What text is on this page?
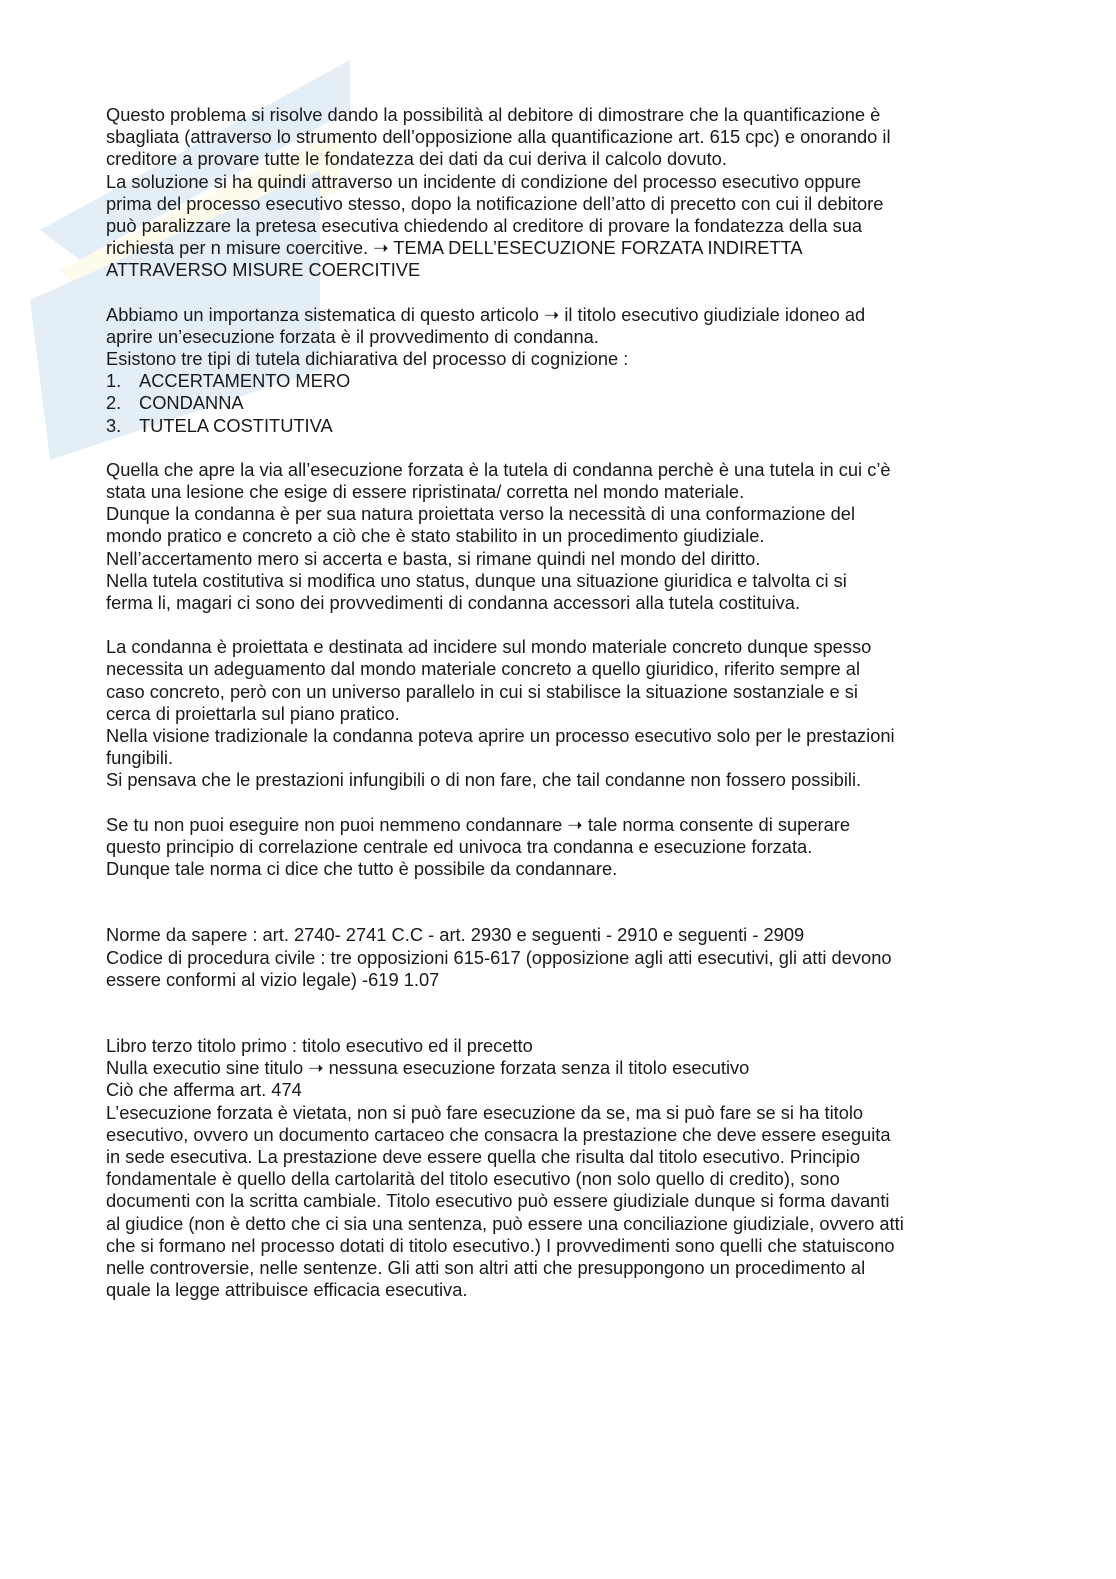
Questo problema si risolve dando la possibilità al debitore di dimostrare che la quantificazione è

sbagliata (attraverso lo strumento dell’opposizione alla quantificazione art. 615 cpc) e onorando il

creditore a provare tutte le fondatezza dei dati da cui deriva il calcolo dovuto.

La soluzione si ha quindi attraverso un incidente di condizione del processo esecutivo oppure

prima del processo esecutivo stesso, dopo la notificazione dell’atto di precetto con cui il debitore

può paralizzare la pretesa esecutiva chiedendo al creditore di provare la fondatezza della sua

richiesta per n misure coercitive. ➝ TEMA DELL’ESECUZIONE FORZATA INDIRETTA

ATTRAVERSO MISURE COERCITIVE

Abbiamo un importanza sistematica di questo articolo ➝ il titolo esecutivo giudiziale idoneo ad

aprire un’esecuzione forzata è il provvedimento di condanna.

Esistono tre tipi di tutela dichiarativa del processo di cognizione :

1. ACCERTAMENTO MERO

2. CONDANNA

3. TUTELA COSTITUTIVA

Quella che apre la via all’esecuzione forzata è la tutela di condanna perchè è una tutela in cui c’è

stata una lesione che esige di essere ripristinata/ corretta nel mondo materiale.

Dunque la condanna è per sua natura proiettata verso la necessità di una conformazione del

mondo pratico e concreto a ciò che è stato stabilito in un procedimento giudiziale.

Nell’accertamento mero si accerta e basta, si rimane quindi nel mondo del diritto.

Nella tutela costitutiva si modifica uno status, dunque una situazione giuridica e talvolta ci si

ferma li, magari ci sono dei provvedimenti di condanna accessori alla tutela costituiva.

La condanna è proiettata e destinata ad incidere sul mondo materiale concreto dunque spesso

necessita un adeguamento dal mondo materiale concreto a quello giuridico, riferito sempre al

caso concreto, però con un universo parallelo in cui si stabilisce la situazione sostanziale e si

cerca di proiettarla sul piano pratico.

Nella visione tradizionale la condanna poteva aprire un processo esecutivo solo per le prestazioni

fungibili.

Si pensava che le prestazioni infungibili o di non fare, che tail condanne non fossero possibili.

Se tu non puoi eseguire non puoi nemmeno condannare ➝ tale norma consente di superare

questo principio di correlazione centrale ed univoca tra condanna e esecuzione forzata.

Dunque tale norma ci dice che tutto è possibile da condannare.

Norme da sapere : art. 2740- 2741 C.C - art. 2930 e seguenti - 2910 e seguenti - 2909

Codice di procedura civile : tre opposizioni 615-617 (opposizione agli atti esecutivi, gli atti devono

essere conformi al vizio legale) -619 1.07

Libro terzo titolo primo : titolo esecutivo ed il precetto

Nulla executio sine titulo ➝ nessuna esecuzione forzata senza il titolo esecutivo

Ciò che afferma art. 474

L’esecuzione forzata è vietata, non si può fare esecuzione da se, ma si può fare se si ha titolo

esecutivo, ovvero un documento cartaceo che consacra la prestazione che deve essere eseguita

in sede esecutiva. La prestazione deve essere quella che risulta dal titolo esecutivo. Principio

fondamentale è quello della cartolarità del titolo esecutivo (non solo quello di credito), sono

documenti con la scritta cambiale. Titolo esecutivo può essere giudiziale dunque si forma davanti

al giudice (non è detto che ci sia una sentenza, può essere una conciliazione giudiziale, ovvero atti

che si formano nel processo dotati di titolo esecutivo.) I provvedimenti sono quelli che statuiscono

nelle controversie, nelle sentenze. Gli atti son altri atti che presuppongono un procedimento al

quale la legge attribuisce efficacia esecutiva.
